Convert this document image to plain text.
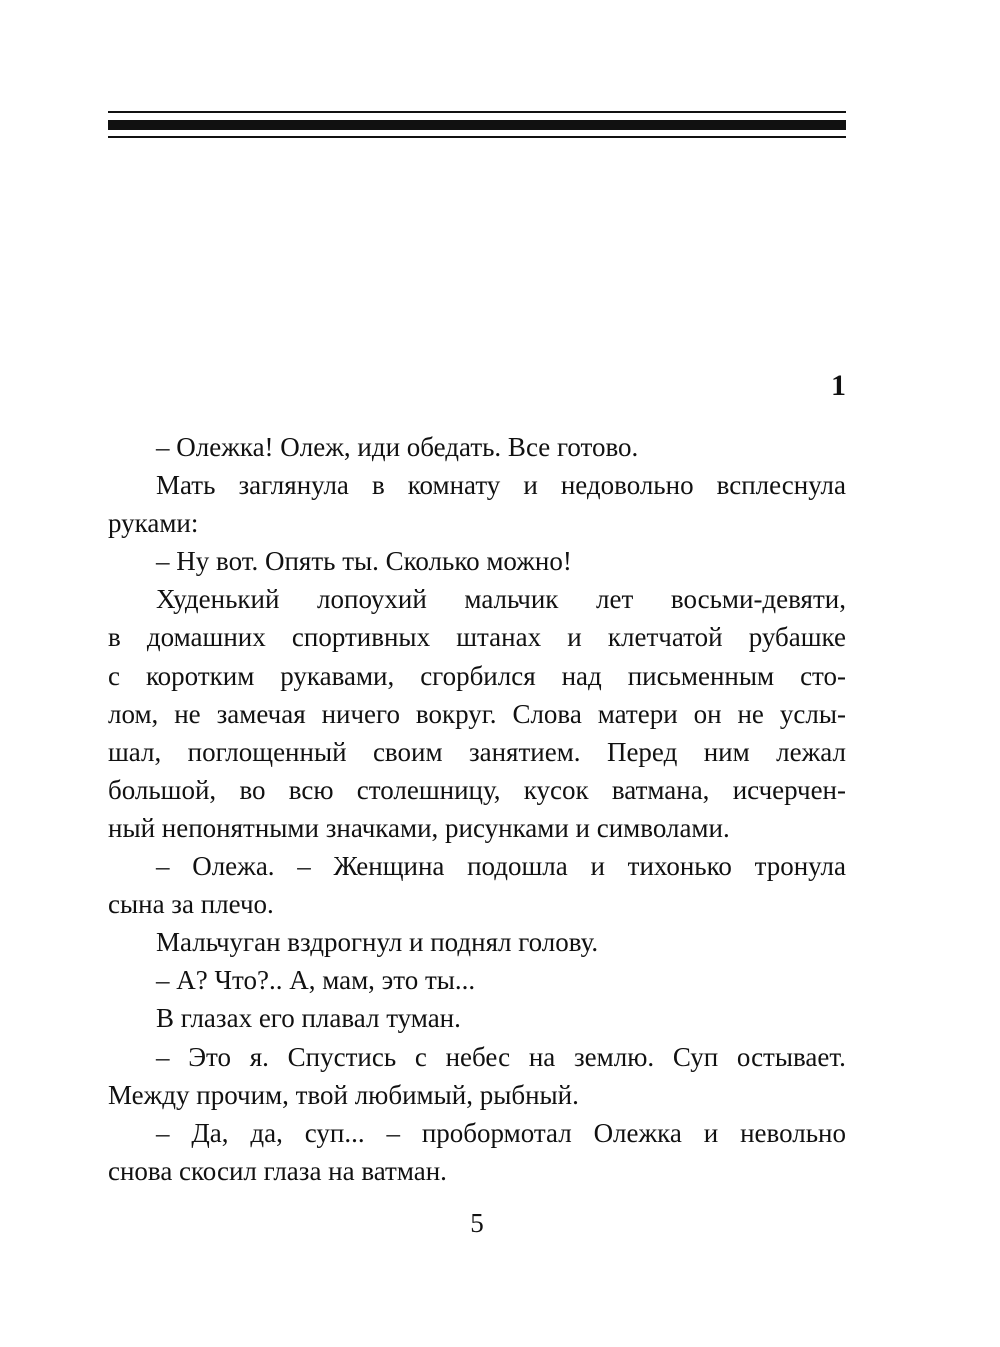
1
– Олежка! Олеж, иди обедать. Все готово.
Мать заглянула в комнату и недовольно всплеснула
руками:
– Ну вот. Опять ты. Сколько можно!
Худенький лопоухий мальчик лет восьми-девяти,
в домашних спортивных штанах и клетчатой рубашке
с коротким рукавами, сгорбился над письменным сто-
лом, не замечая ничего вокруг. Слова матери он не услы-
шал, поглощенный своим занятием. Перед ним лежал
большой, во всю столешницу, кусок ватмана, исчерчен-
ный непонятными значками, рисунками и символами.
– Олежа. – Женщина подошла и тихонько тронула
сына за плечо.
Мальчуган вздрогнул и поднял голову.
– А? Что?.. А, мам, это ты...
В глазах его плавал туман.
– Это я. Спустись с небес на землю. Суп остывает.
Между прочим, твой любимый, рыбный.
– Да, да, суп... – пробормотал Олежка и невольно
снова скосил глаза на ватман.
5
